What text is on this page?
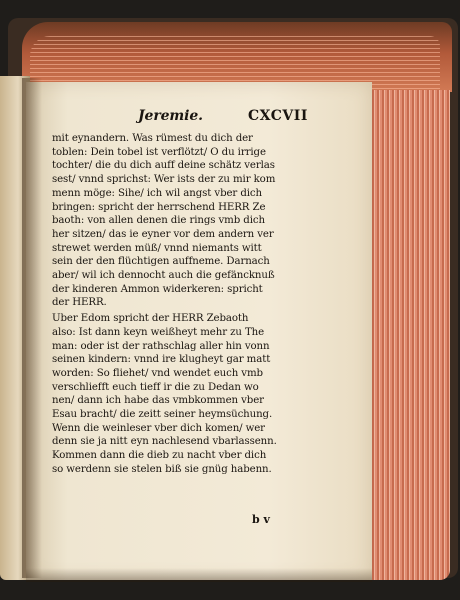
Jeremie.	CXCVII
mit eynandern. Was rümest du dich der
toblen: Dein tobel ist verflötzt/ O du irrige
tochter/ die du dich auff deine schätz verlas
sest/ vnnd sprichst: Wer ists der zu mir kom
menn möge: Sihe/ ich wil angst vber dich
bringen: spricht der herrschend HERR Ze
baoth: von allen denen die rings vmb dich
her sitzen/ das ie eyner vor dem andern ver
strewet werden müß/ vnnd niemants witt
sein der den flüchtigen auffneme. Darnach
aber/ wil ich dennocht auch die gefäncknuß
der kinderen Ammon widerkeren: spricht
der HERR.
Uber Edom spricht der HERR Zebaoth
also: Ist dann keyn weißheyt mehr zu The
man: oder ist der rathschlag aller hin vonn
seinen kindern: vnnd ire klugheyt gar matt
worden: So fliehet/ vnd wendet euch vmb
verschliefft euch tieff ir die zu Dedan wo
nen/ dann ich habe das vmbkommen vber
Esau bracht/ die zeitt seiner heymsüchung.
Wenn die weinleser vber dich komen/ wer
denn sie ja nitt eyn nachlesend vbarlassenn.
Kommen dann die dieb zu nacht vber dich
so werdenn sie stelen biß sie gnüg habenn.
b v
